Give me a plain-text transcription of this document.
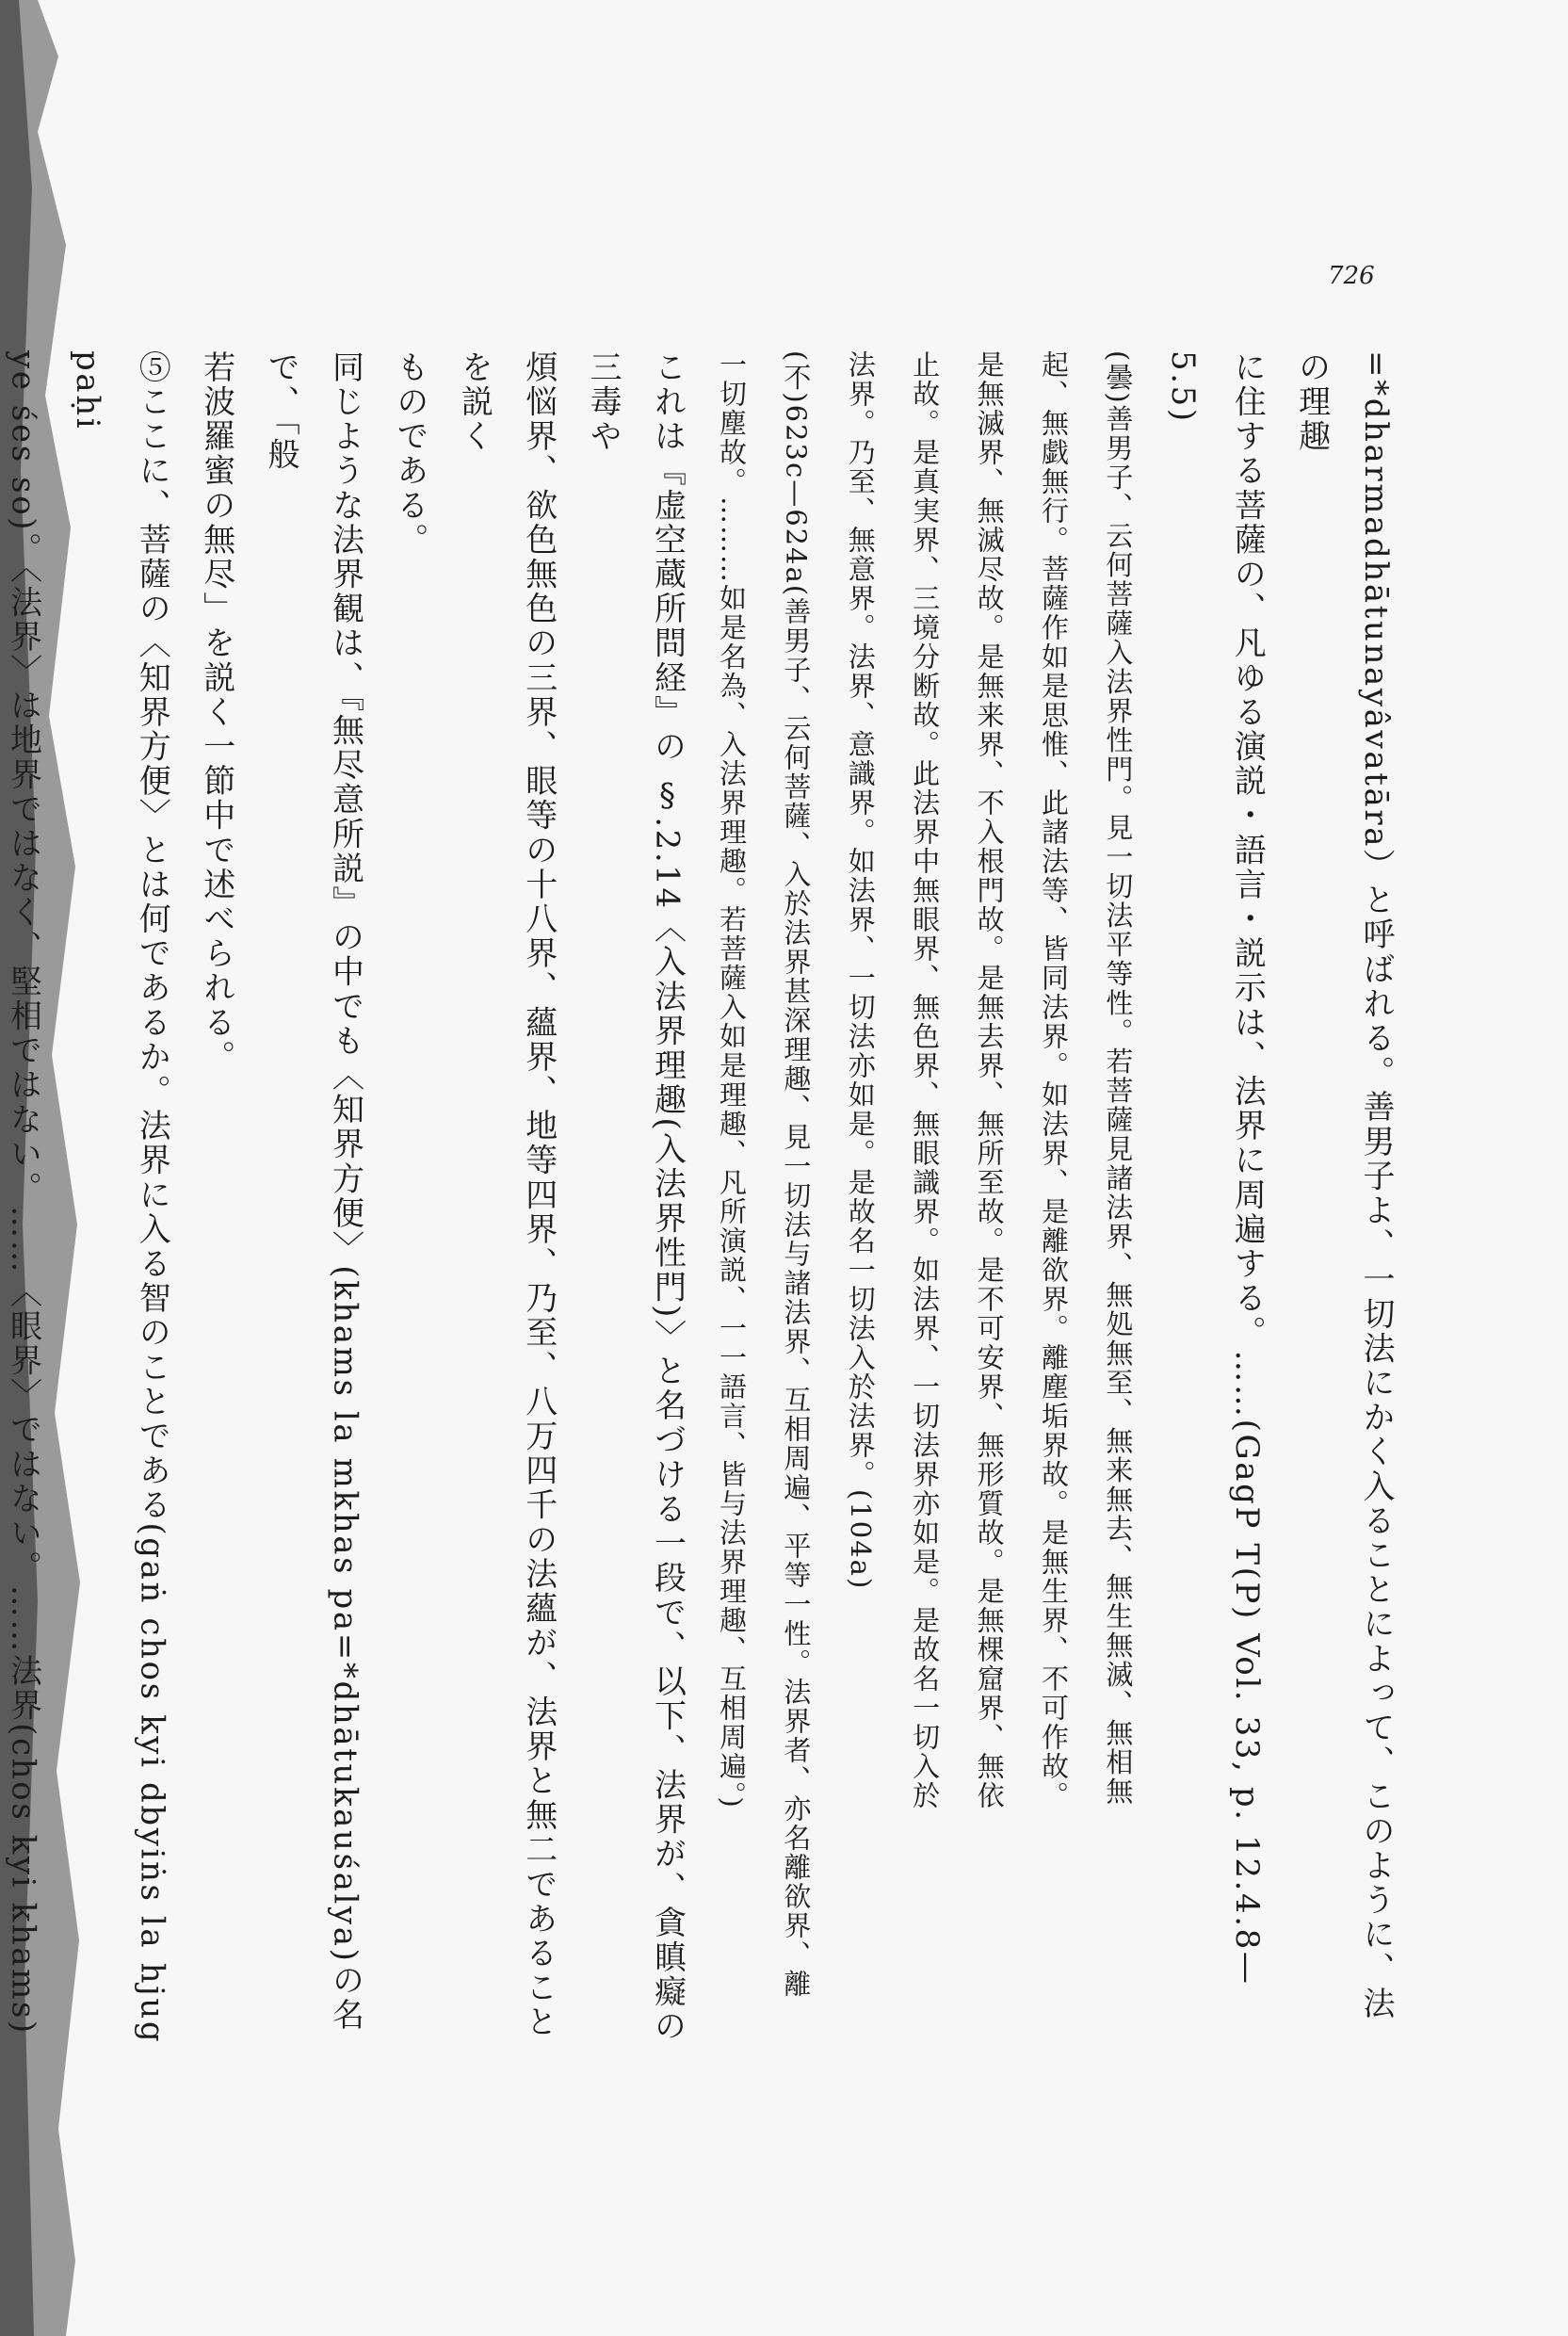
726
=*dharmadhātunayâvatāra）と呼ばれる。善男子よ、一切法にかく入ることによって、このように、法の理趣
に住する菩薩の、凡ゆる演説・語言・説示は、法界に周遍する。……(GagP T(P) Vol. 33, p. 12.4.8—5.5)
(曇)善男子、云何菩薩入法界性門。見一切法平等性。若菩薩見諸法界、無処無至、無来無去、無生無滅、無相無
起、無戯無行。菩薩作如是思惟、此諸法等、皆同法界。如法界、是離欲界。離塵垢界故。是無生界、不可作故。
是無滅界、無滅尽故。是無来界、不入根門故。是無去界、無所至故。是不可安界、無形質故。是無棵窟界、無依
止故。是真実界、三境分断故。此法界中無眼界、無色界、無眼識界。如法界、一切法界亦如是。是故名一切入於
法界。乃至、無意界。法界、意識界。如法界、一切法亦如是。是故名一切法入於法界。(104a)
(不)623c—624a(善男子、云何菩薩、入於法界甚深理趣、見一切法与諸法界、互相周遍、平等一性。法界者、亦名離欲界、離
一切塵故。………如是名為、入法界理趣。若菩薩入如是理趣、凡所演説、一一語言、皆与法界理趣、互相周遍。)
これは『虚空蔵所問経』の §.2.14〈入法界理趣(入法界性門)〉と名づける一段で、以下、法界が、貪瞋癡の三毒や
煩悩界、欲色無色の三界、眼等の十八界、蘊界、地等四界、乃至、八万四千の法蘊が、法界と無二であることを説く
ものである。
同じような法界観は、『無尽意所説』の中でも〈知界方便〉(khams la mkhas pa=*dhātukauśalya)の名で、「般
若波羅蜜の無尽」を説く一節中で述べられる。
⑤ここに、菩薩の〈知界方便〉とは何であるか。法界に入る智のことである(gaṅ chos kyi dbyiṅs la hjug paḥi
ye śes so)。〈法界〉は地界ではなく、堅相ではない。……〈眼界〉ではない。……法界(chos kyi khams)
